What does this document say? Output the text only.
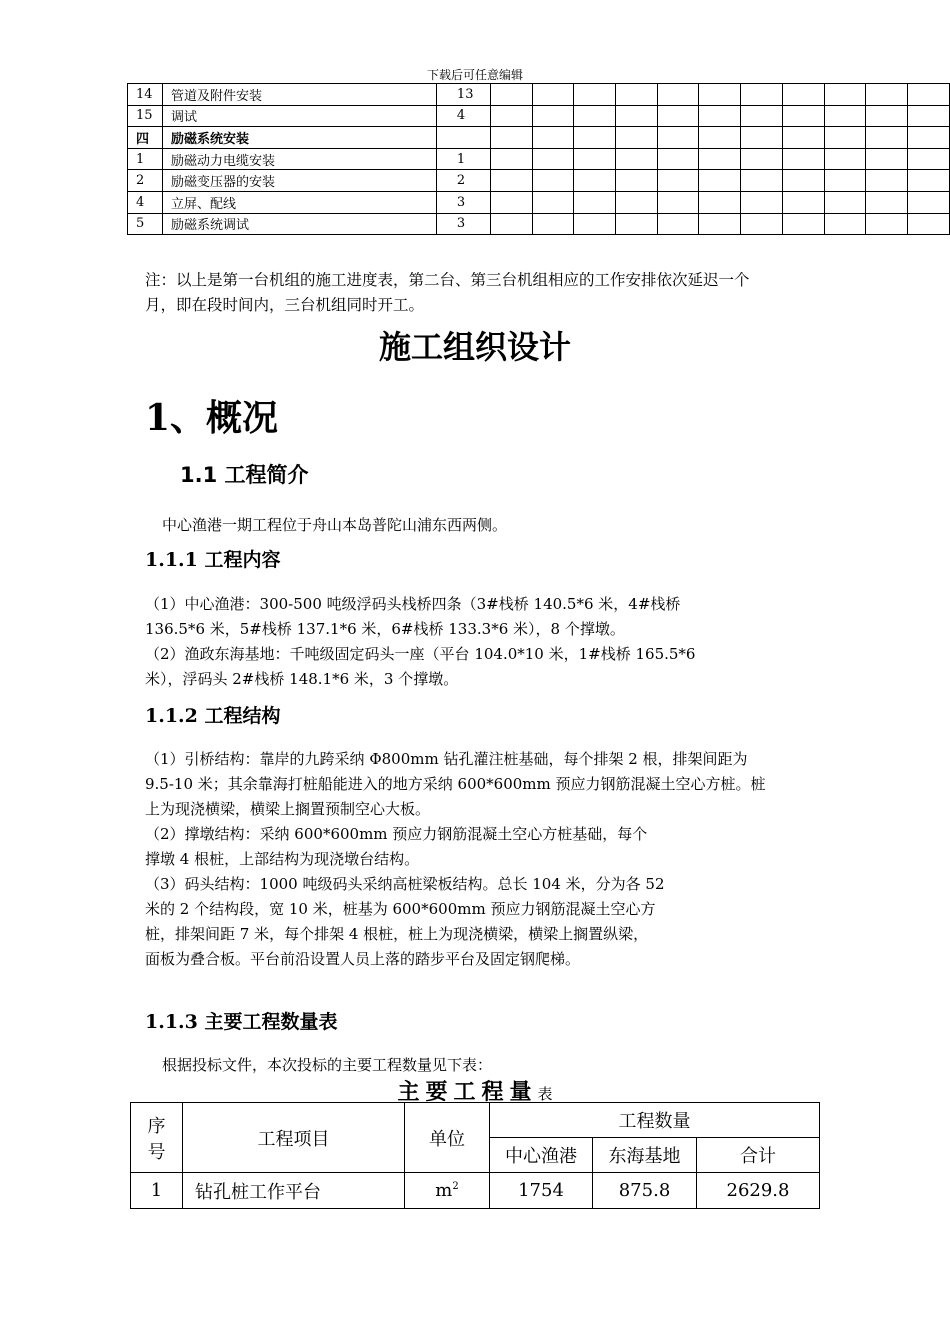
下载后可任意编辑
14	管道及附件安装	13											
15	调试	4											
四	励磁系统安装												
1	励磁动力电缆安装	1											
2	励磁变压器的安装	2											
4	立屏、配线	3											
5	励磁系统调试	3											
注：以上是第一台机组的施工进度表，第二台、第三台机组相应的工作安排依次延迟一个
月，即在段时间内，三台机组同时开工。
施工组织设计
1、概况
1.1 工程简介
中心渔港一期工程位于舟山本岛普陀山浦东西两侧。
1.1.1 工程内容
（1）中心渔港：300-500 吨级浮码头栈桥四条（3#栈桥 140.5*6 米，4#栈桥
136.5*6 米，5#栈桥 137.1*6 米，6#栈桥 133.3*6 米），8 个撑墩。
（2）渔政东海基地：千吨级固定码头一座（平台 104.0*10 米，1#栈桥 165.5*6
米），浮码头 2#栈桥 148.1*6 米，3 个撑墩。
1.1.2 工程结构
（1）引桥结构：靠岸的九跨采纳 Φ800mm 钻孔灌注桩基础，每个排架 2 根，排架间距为
9.5-10 米；其余靠海打桩船能进入的地方采纳 600*600mm 预应力钢筋混凝土空心方桩。桩
上为现浇横梁，横梁上搁置预制空心大板。
（2）撑墩结构：采纳 600*600mm 预应力钢筋混凝土空心方桩基础，每个
撑墩 4 根桩，上部结构为现浇墩台结构。
（3）码头结构：1000 吨级码头采纳高桩梁板结构。总长 104 米，分为各 52
米的 2 个结构段，宽 10 米，桩基为 600*600mm 预应力钢筋混凝土空心方
桩，排架间距 7 米，每个排架 4 根桩，桩上为现浇横梁，横梁上搁置纵梁，
面板为叠合板。平台前沿设置人员上落的踏步平台及固定钢爬梯。
1.1.3 主要工程数量表
根据投标文件，本次投标的主要工程数量见下表：
主要工程量表
序号	工程项目	单位	工程数量		
			中心渔港	东海基地	合计
1	钻孔桩工作平台	$m^2$	1754	875.8	2629.8
